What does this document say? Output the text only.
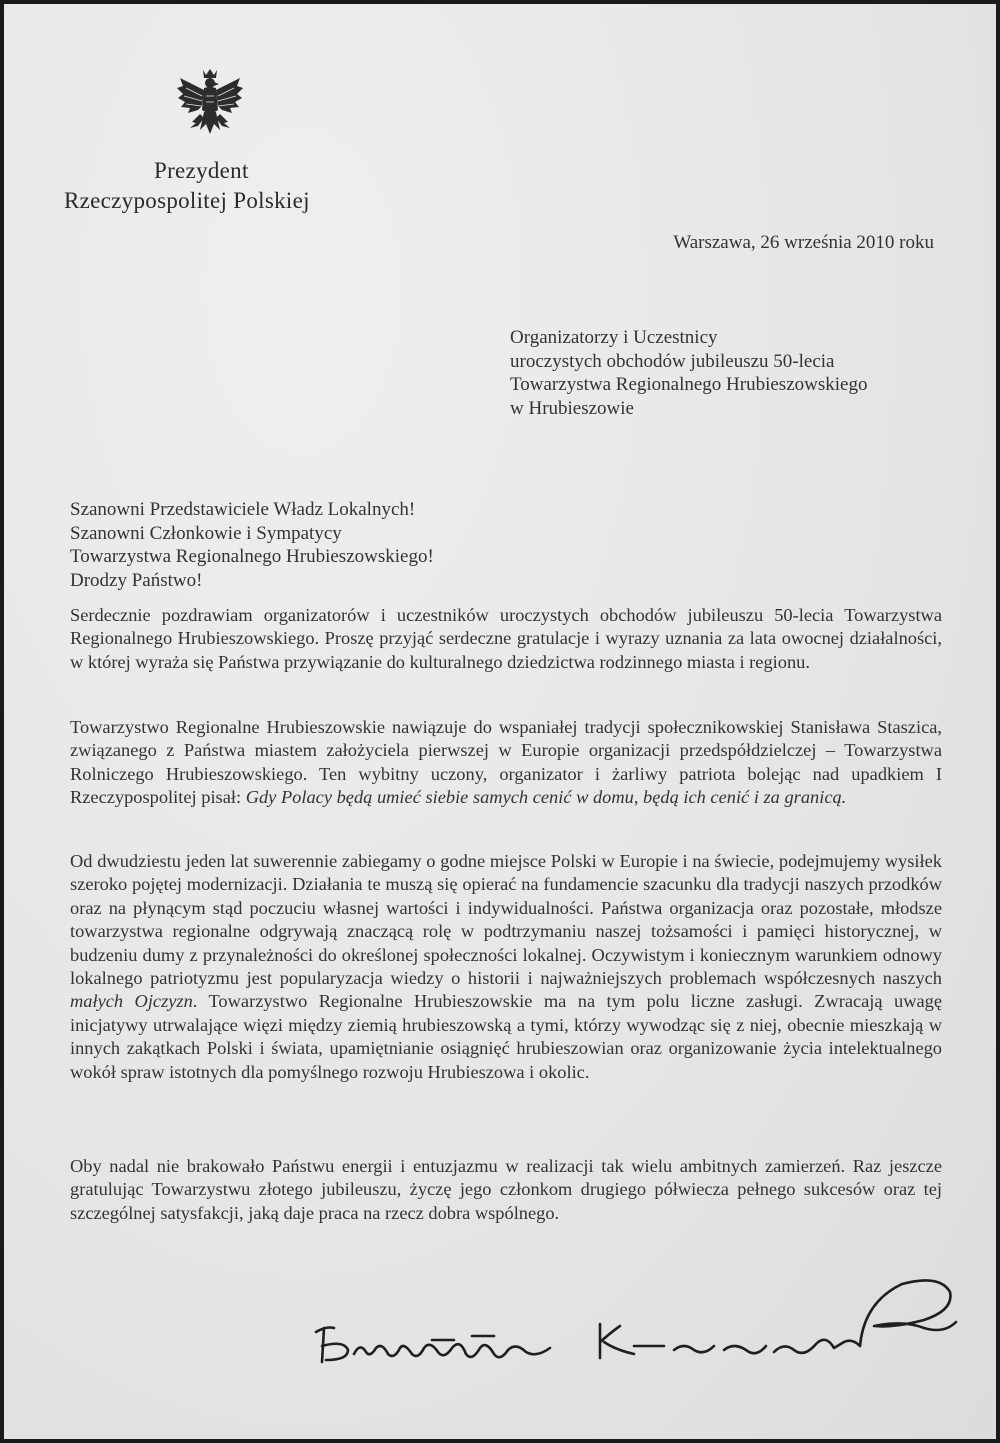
Prezydent
Rzeczypospolitej Polskiej
Warszawa, 26 września 2010 roku
Organizatorzy i Uczestnicy
uroczystych obchodów jubileuszu 50-lecia
Towarzystwa Regionalnego Hrubieszowskiego
w Hrubieszowie
Szanowni Przedstawiciele Władz Lokalnych!
Szanowni Członkowie i Sympatycy
Towarzystwa Regionalnego Hrubieszowskiego!
Drodzy Państwo!

Serdecznie pozdrawiam organizatorów i uczestników uroczystych obchodów jubileuszu 50-lecia Towarzystwa Regionalnego Hrubieszowskiego. Proszę przyjąć serdeczne gratulacje i wyrazy uznania za lata owocnej działalności, w której wyraża się Państwa przywiązanie do kulturalnego dziedzictwa rodzinnego miasta i regionu.

Towarzystwo Regionalne Hrubieszowskie nawiązuje do wspaniałej tradycji społecznikowskiej Stanisława Staszica, związanego z Państwa miastem założyciela pierwszej w Europie organizacji przedspółdzielczej – Towarzystwa Rolniczego Hrubieszowskiego. Ten wybitny uczony, organizator i żarliwy patriota bolejąc nad upadkiem I Rzeczypospolitej pisał: Gdy Polacy będą umieć siebie samych cenić w domu, będą ich cenić i za granicą.

Od dwudziestu jeden lat suwerennie zabiegamy o godne miejsce Polski w Europie i na świecie, podejmujemy wysiłek szeroko pojętej modernizacji. Działania te muszą się opierać na fundamencie szacunku dla tradycji naszych przodków oraz na płynącym stąd poczuciu własnej wartości i indywidualności. Państwa organizacja oraz pozostałe, młodsze towarzystwa regionalne odgrywają znaczącą rolę w podtrzymaniu naszej tożsamości i pamięci historycznej, w budzeniu dumy z przynależności do określonej społeczności lokalnej. Oczywistym i koniecznym warunkiem odnowy lokalnego patriotyzmu jest popularyzacja wiedzy o historii i najważniejszych problemach współczesnych naszych małych Ojczyzn. Towarzystwo Regionalne Hrubieszowskie ma na tym polu liczne zasługi. Zwracają uwagę inicjatywy utrwalające więzi między ziemią hrubieszowską a tymi, którzy wywodząc się z niej, obecnie mieszkają w innych zakątkach Polski i świata, upamiętnianie osiągnięć hrubieszowian oraz organizowanie życia intelektualnego wokół spraw istotnych dla pomyślnego rozwoju Hrubieszowa i okolic.

Oby nadal nie brakowało Państwu energii i entuzjazmu w realizacji tak wielu ambitnych zamierzeń. Raz jeszcze gratulując Towarzystwu złotego jubileuszu, życzę jego członkom drugiego półwiecza pełnego sukcesów oraz tej szczególnej satysfakcji, jaką daje praca na rzecz dobra wspólnego.
